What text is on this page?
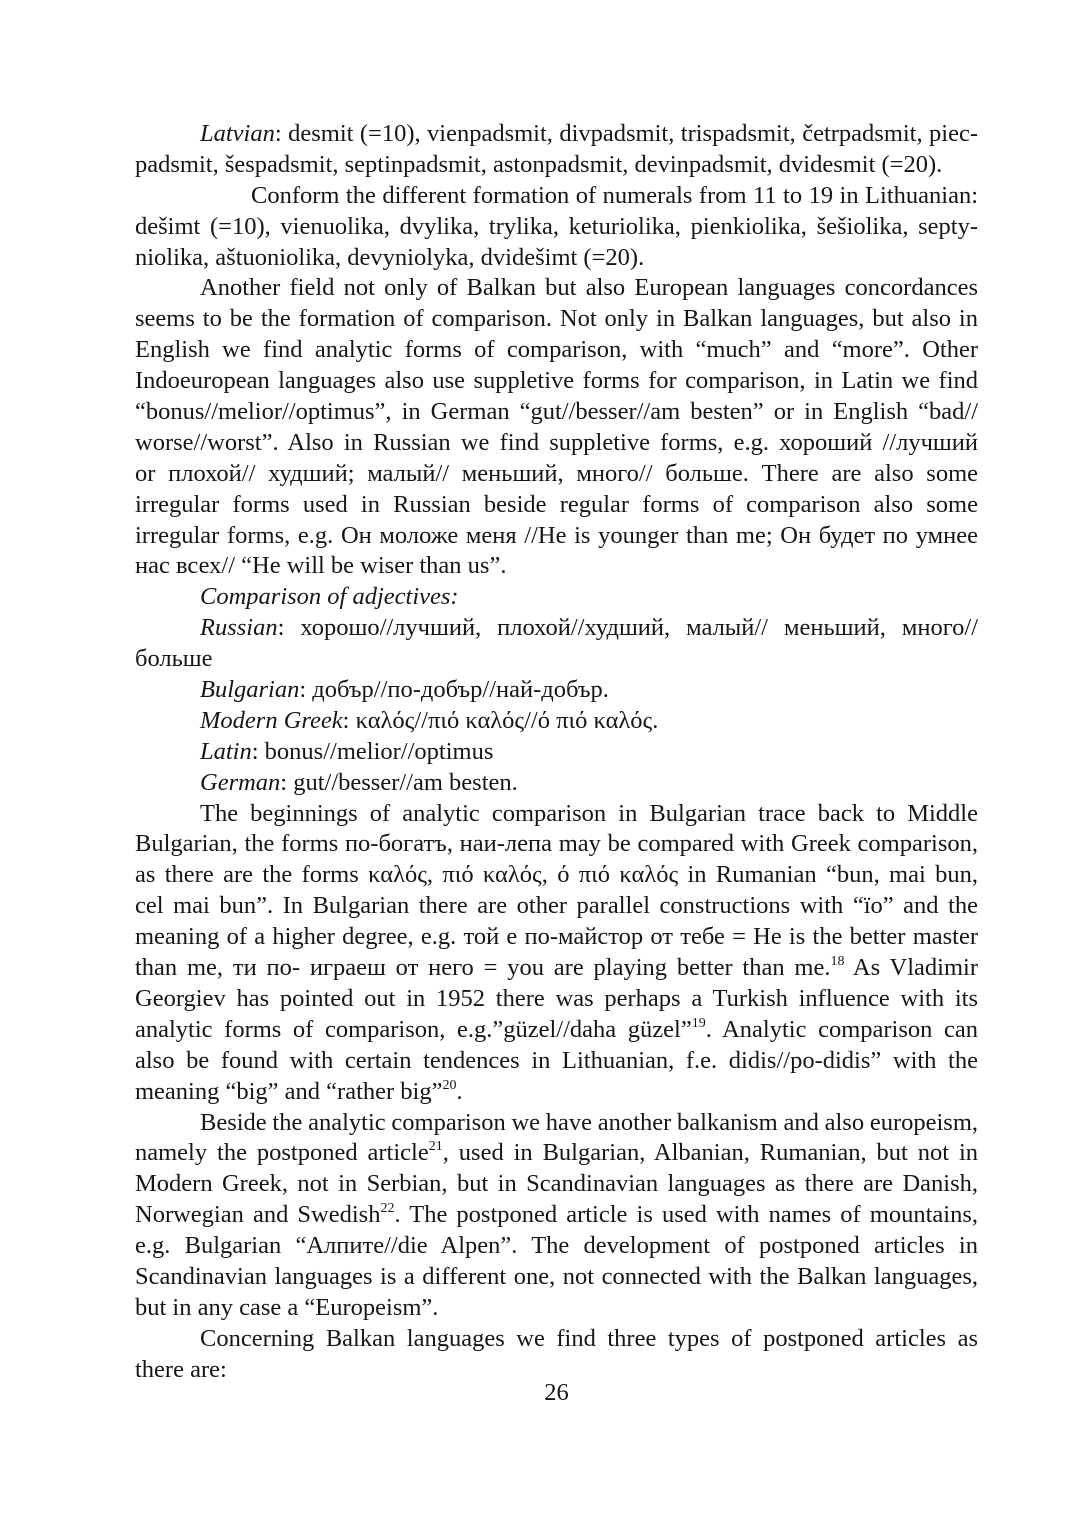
Latvian: desmit (=10), vienpadsmit, divpadsmit, trispadsmit, četrpadsmit, piec-
padsmit, šespadsmit, septinpadsmit, astonpadsmit, devinpadsmit, dvidesmit (=20).
Conform the different formation of numerals from 11 to 19 in Lithuanian:
dešimt (=10), vienuolika, dvylika, trylika, keturiolika, pienkiolika, šešiolika, septy-
niolika, aštuoniolika, devyniolyka, dvidešimt (=20).
Another field not only of Balkan but also European languages concordances
seems to be the formation of comparison. Not only in Balkan languages, but also in
English we find analytic forms of comparison, with “much” and “more”. Other
Indoeuropean languages also use suppletive forms for comparison, in Latin we find
“bonus//melior//optimus”, in German “gut//besser//am besten” or in English “bad//
worse//worst”. Also in Russian we find suppletive forms, e.g. хороший //лучший
or плохой// худший; малый// меньший, много// больше. There are also some
irregular forms used in Russian beside regular forms of comparison also some
irregular forms, e.g. Он моложе меня //He is younger than me; Он будет по умнее
нас всех// “He will be wiser than us”.
Comparison of adjectives:
Russian: хорошо//лучший, плохой//худший, малый// меньший, много//
больше
Bulgarian: добър//по-добър//най-добър.
Modern Greek: καλός//πιό καλός//ό πιό καλός.
Latin: bonus//melior//optimus
German: gut//besser//am besten.
The beginnings of analytic comparison in Bulgarian trace back to Middle
Bulgarian, the forms по-богатъ, наи-лепа may be compared with Greek comparison,
as there are the forms καλός, πιό καλός, ό πιό καλός in Rumanian “bun, mai bun,
cel mai bun”. In Bulgarian there are other parallel constructions with “ïo” and the
meaning of a higher degree, e.g. той е по-майстор от тебе = He is the better master
than me, ти по- играеш от него = you are playing better than me.$^{18}$ As Vladimir
Georgiev has pointed out in 1952 there was perhaps a Turkish influence with its
analytic forms of comparison, e.g.”güzel//daha güzel”$^{19}$. Analytic comparison can
also be found with certain tendences in Lithuanian, f.e. didis//po-didis” with the
meaning “big” and “rather big”$^{20}$.
Beside the analytic comparison we have another balkanism and also europeism,
namely the postponed article$^{21}$, used in Bulgarian, Albanian, Rumanian, but not in
Modern Greek, not in Serbian, but in Scandinavian languages as there are Danish,
Norwegian and Swedish$^{22}$. The postponed article is used with names of mountains,
e.g. Bulgarian “Алпите//die Alpen”. The development of postponed articles in
Scandinavian languages is a different one, not connected with the Balkan languages,
but in any case a “Europeism”.
Concerning Balkan languages we find three types of postponed articles as
there are:
26
